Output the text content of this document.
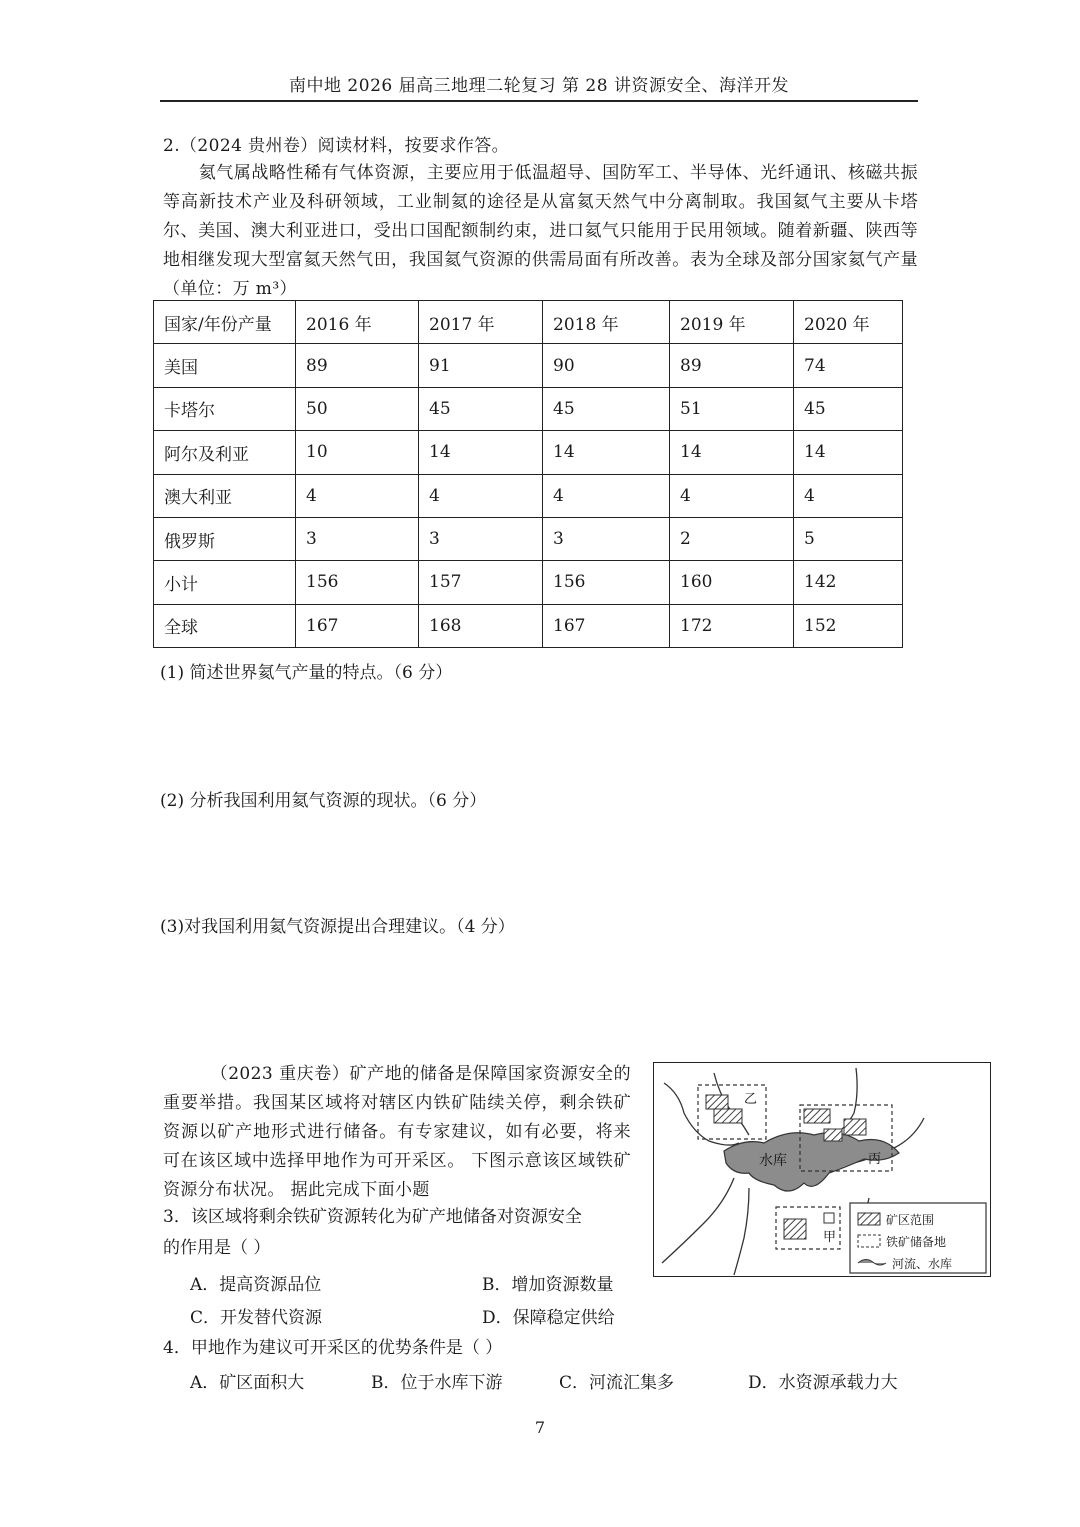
南中地 2026 届高三地理二轮复习 第 28 讲资源安全、海洋开发
2.（2024 贵州卷）阅读材料，按要求作答。
氦气属战略性稀有气体资源，主要应用于低温超导、国防军工、半导体、光纤通讯、核磁共振等高新技术产业及科研领域，工业制氦的途径是从富氦天然气中分离制取。我国氦气主要从卡塔尔、美国、澳大利亚进口，受出口国配额制约束，进口氦气只能用于民用领域。随着新疆、陕西等地相继发现大型富氦天然气田，我国氦气资源的供需局面有所改善。表为全球及部分国家氦气产量（单位：万 m³）
国家/年份产量	2016 年	2017 年	2018 年	2019 年	2020 年
美国	89	91	90	89	74
卡塔尔	50	45	45	51	45
阿尔及利亚	10	14	14	14	14
澳大利亚	4	4	4	4	4
俄罗斯	3	3	3	2	5
小计	156	157	156	160	142
全球	167	168	167	172	152
(1) 简述世界氦气产量的特点。（6 分）
(2) 分析我国利用氦气资源的现状。（6 分）
(3)对我国利用氦气资源提出合理建议。（4 分）
（2023 重庆卷）矿产地的储备是保障国家资源安全的重要举措。我国某区域将对辖区内铁矿陆续关停，剩余铁矿资源以矿产地形式进行储备。有专家建议，如有必要，将来可在该区域中选择甲地作为可开采区。 下图示意该区域铁矿资源分布状况。 据此完成下面小题
水库
乙
丙
甲
矿区范围
铁矿储备地
河流、水库
3．该区域将剩余铁矿资源转化为矿产地储备对资源安全
的作用是（ ）
A．提高资源品位	B．增加资源数量
C．开发替代资源	D．保障稳定供给
4．甲地作为建议可开采区的优势条件是（ ）
A．矿区面积大	B．位于水库下游	C．河流汇集多	D．水资源承载力大
7
